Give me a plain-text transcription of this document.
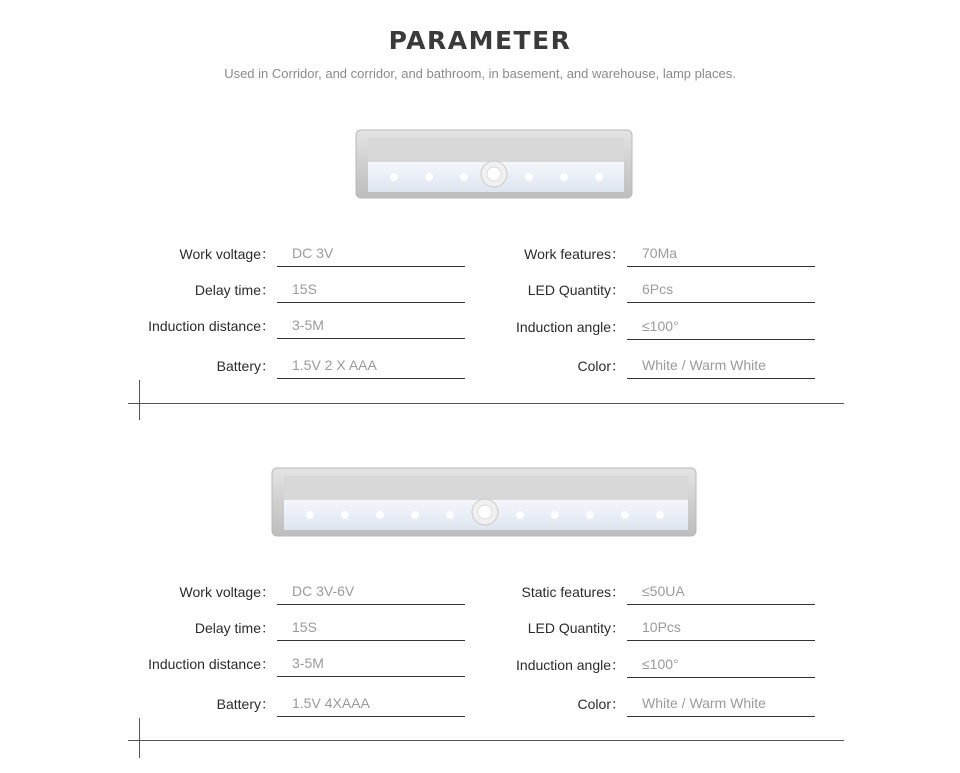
PARAMETER
Used in Corridor, and corridor, and bathroom, in basement, and warehouse, lamp places.
Work voltage：	DC 3V
Delay time：	15S
Induction distance：	3-5M
Battery：	1.5V 2 X AAA
Work features：	70Ma
LED Quantity：	6Pcs
Induction angle：	≤100°
Color：	White / Warm White
Work voltage：	DC 3V-6V
Delay time：	15S
Induction distance：	3-5M
Battery：	1.5V 4XAAA
Static features：	≤50UA
LED Quantity：	10Pcs
Induction angle：	≤100°
Color：	White / Warm White
